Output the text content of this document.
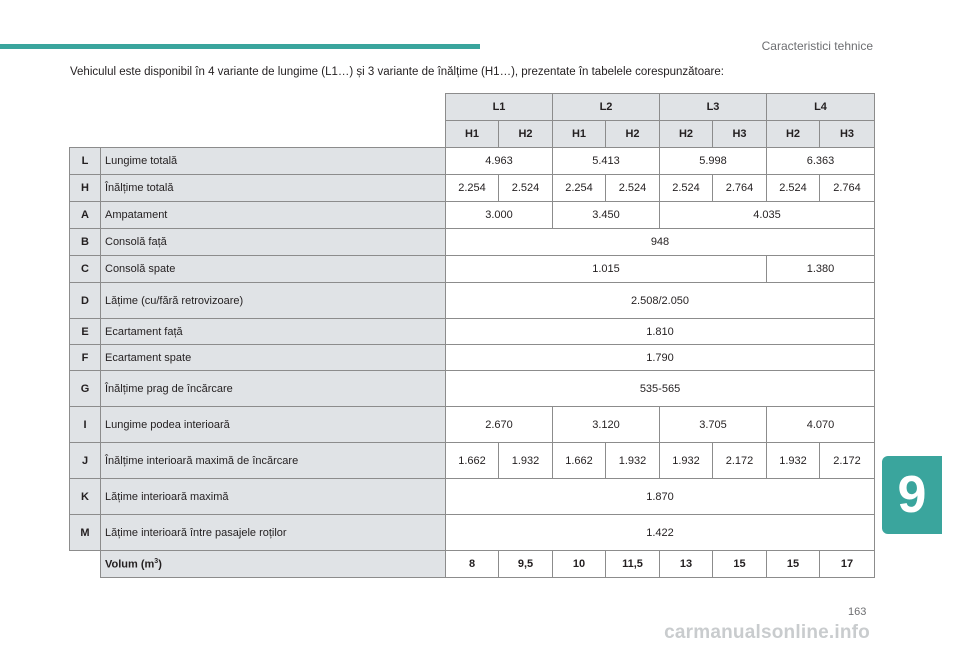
Caracteristici tehnice
Vehiculul este disponibil în 4 variante de lungime (L1…) și 3 variante de înălțime (H1…), prezentate în tabelele corespunzătoare:
		L1		L2		L3		L4	
		H1	H2	H1	H2	H2	H3	H2	H3
L	Lungime totală	4.963		5.413		5.998		6.363	
H	Înălțime totală	2.254	2.524	2.254	2.524	2.524	2.764	2.524	2.764
A	Ampatament	3.000		3.450		4.035			
B	Consolă față	948							
C	Consolă spate	1.015						1.380	
D	Lățime (cu/fără retrovizoare)	2.508/2.050							
E	Ecartament față	1.810							
F	Ecartament spate	1.790							
G	Înălțime prag de încărcare	535-565							
I	Lungime podea interioară	2.670		3.120		3.705		4.070	
J	Înălțime interioară maximă de încărcare	1.662	1.932	1.662	1.932	1.932	2.172	1.932	2.172
K	Lățime interioară maximă	1.870							
M	Lățime interioară între pasajele roților	1.422							
	Volum $(m^3)$	8	9,5	10	11,5	13	15	15	17
9
163
carmanualsonline.info
